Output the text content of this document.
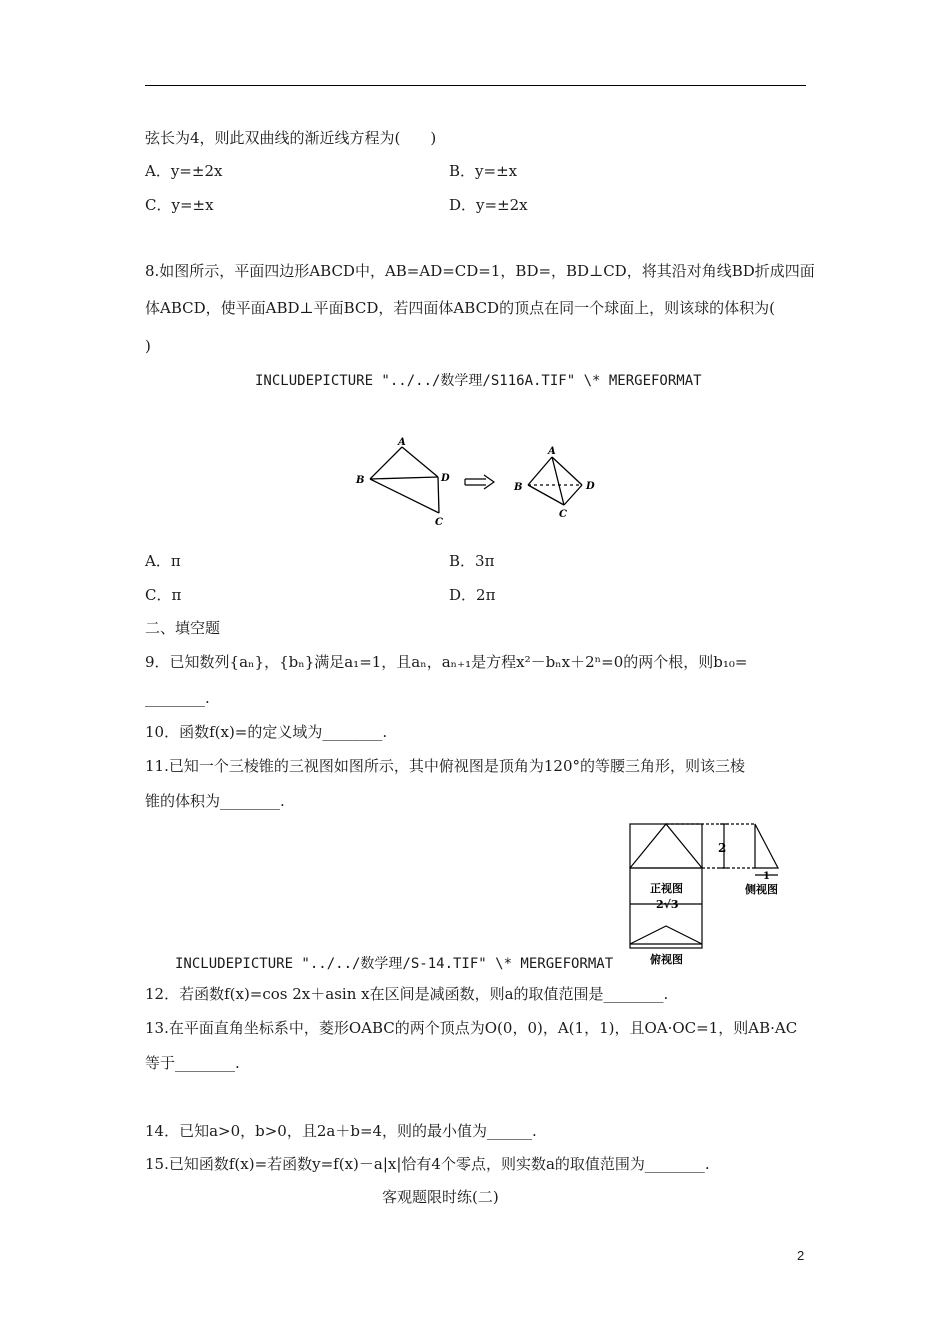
弦长为4，则此双曲线的渐近线方程为(　　)
A．y=±2x	B．y=±x
C．y=±x	D．y=±2x
8.如图所示，平面四边形ABCD中，AB=AD=CD=1，BD=，BD⊥CD，将其沿对角线BD折成四面
体ABCD，使平面ABD⊥平面BCD，若四面体ABCD的顶点在同一个球面上，则该球的体积为(
)
INCLUDEPICTURE "../../数学理/S116A.TIF" \* MERGEFORMAT
A
B	D
C
A
B	D
C
A．π	B．3π
C．π	D．2π
二、填空题
9．已知数列{aₙ}，{bₙ}满足a₁=1，且aₙ，aₙ₊₁是方程x²－bₙx＋2ⁿ=0的两个根，则b₁₀=
________.
10．函数f(x)=的定义域为________.
11.已知一个三棱锥的三视图如图所示，其中俯视图是顶角为120°的等腰三角形，则该三棱
锥的体积为________.
2
1
正视图	侧视图
2√3
俯视图
INCLUDEPICTURE "../../数学理/S-14.TIF" \* MERGEFORMAT
12．若函数f(x)=cos 2x＋asin x在区间是减函数，则a的取值范围是________.
13.在平面直角坐标系中，菱形OABC的两个顶点为O(0，0)，A(1，1)，且OA·OC=1，则AB·AC
等于________.
14．已知a>0，b>0，且2a＋b=4，则的最小值为______.
15.已知函数f(x)=若函数y=f(x)－a|x|恰有4个零点，则实数a的取值范围为________.
客观题限时练(二)
2
